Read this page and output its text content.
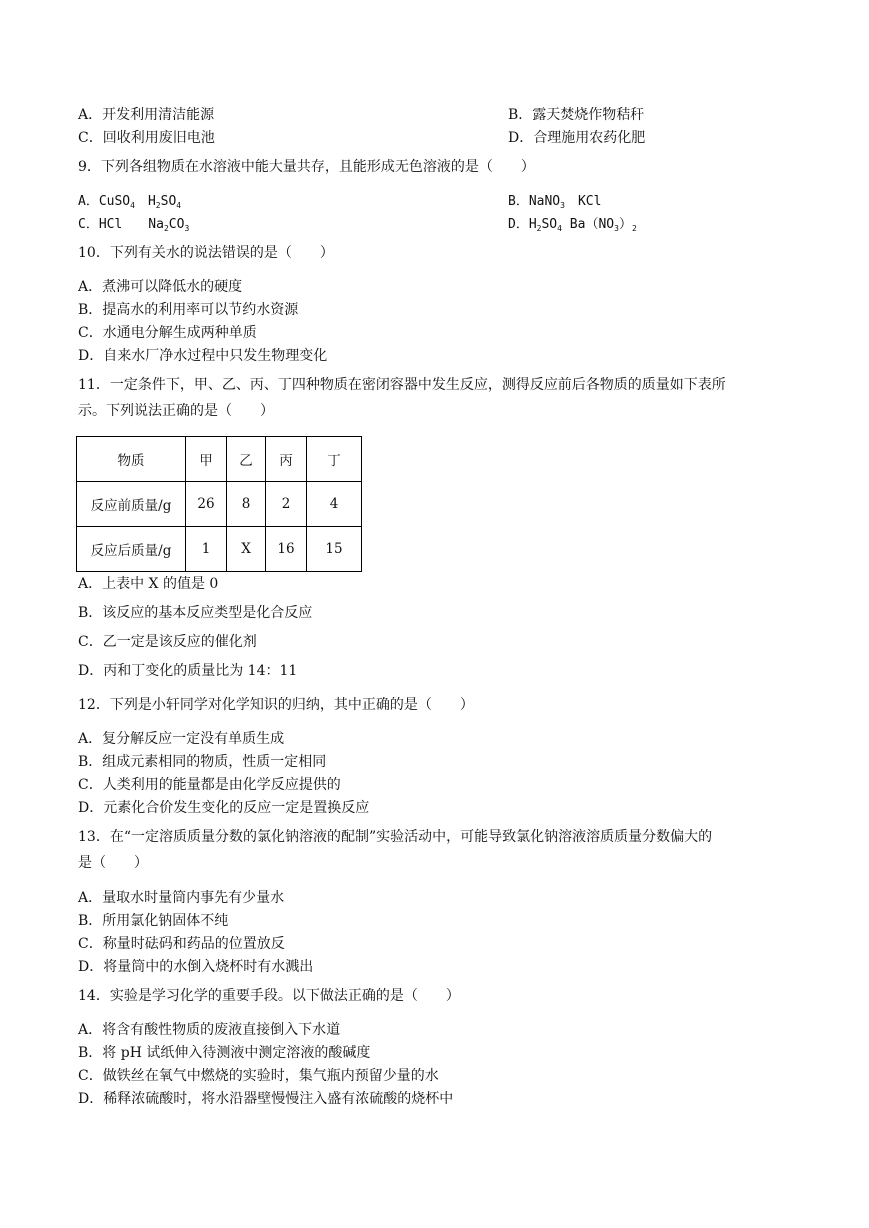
A．开发利用清洁能源	B．露天焚烧作物秸秆
C．回收利用废旧电池	D．合理施用农药化肥
9．下列各组物质在水溶液中能大量共存，且能形成无色溶液的是（　　）
A．CuSO$_4$　$H_2SO_4$	B．NaNO$_3$　KCl
C．HCl　　$Na_2CO_3$	D．$H_2SO_4$ $Ba(NO_3)_2$
10．下列有关水的说法错误的是（　　）
A．煮沸可以降低水的硬度
B．提高水的利用率可以节约水资源
C．水通电分解生成两种单质
D．自来水厂净水过程中只发生物理变化
11．一定条件下，甲、乙、丙、丁四种物质在密闭容器中发生反应，测得反应前后各物质的质量如下表所
示。下列说法正确的是（　　）
物质	甲	乙	丙	丁
反应前质量/g	26	8	2	4
反应后质量/g	1	X	16	15
A．上表中 X 的值是 0
B．该反应的基本反应类型是化合反应
C．乙一定是该反应的催化剂
D．丙和丁变化的质量比为 14：11
12．下列是小轩同学对化学知识的归纳，其中正确的是（　　）
A．复分解反应一定没有单质生成
B．组成元素相同的物质，性质一定相同
C．人类利用的能量都是由化学反应提供的
D．元素化合价发生变化的反应一定是置换反应
13．在“一定溶质质量分数的氯化钠溶液的配制”实验活动中，可能导致氯化钠溶液溶质质量分数偏大的
是（　　）
A．量取水时量筒内事先有少量水
B．所用氯化钠固体不纯
C．称量时砝码和药品的位置放反
D．将量筒中的水倒入烧杯时有水溅出
14．实验是学习化学的重要手段。以下做法正确的是（　　）
A．将含有酸性物质的废液直接倒入下水道
B．将 pH 试纸伸入待测液中测定溶液的酸碱度
C．做铁丝在氧气中燃烧的实验时，集气瓶内预留少量的水
D．稀释浓硫酸时，将水沿器壁慢慢注入盛有浓硫酸的烧杯中
